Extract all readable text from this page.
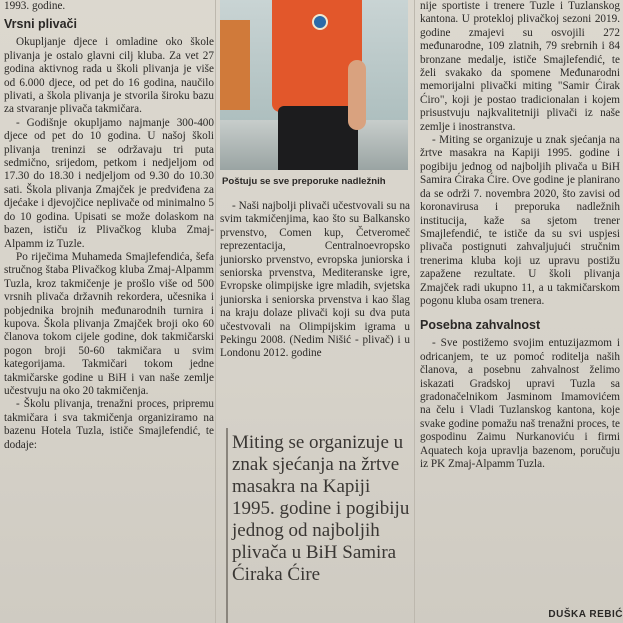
1993. godine.

Vrsni plivači

Okupljanje djece i omladine oko škole plivanja je ostalo glavni cilj kluba. Za vet 27 godina aktivnog rada u školi plivanja je više od 6.000 djece, od pet do 16 godina, naučilo plivati, a škola plivanja je stvorila široku bazu za stvaranje plivača takmičara.

- Godišnje okupljamo najmanje 300-400 djece od pet do 10 godina. U našoj školi plivanja treninzi se održavaju tri puta sedmično, srijedom, petkom i nedjeljom od 17.30 do 18.30 i nedjeljom od 9.30 do 10.30 sati. Škola plivanja Zmajček je predviđena za djećake i djevojčice neplivače od minimalno 5 do 10 godina. Upisati se može dolaskom na bazen, ističu iz Plivačkog kluba Zmaj-Alpamm iz Tuzle.

Po riječima Muhameda Smajlefendića, šefa stručnog štaba Plivačkog kluba Zmaj-Alpamm Tuzla, kroz takmičenje je prošlo više od 500 vrsnih plivača državnih rekordera, učesnika i pobjednika brojnih međunarodnih turnira i kupova. Škola plivanja Zmajček broji oko 60 članova tokom cijele godine, dok takmičarski pogon broji 50-60 takmičara u svim kategorijama. Takmičari tokom jedne takmičarske godine u BiH i van naše zemlje učestvuju na oko 20 takmičenja.

- Školu plivanja, trenažni proces, pripremu takmičara i sva takmičenja organiziramo na bazenu Hotela Tuzla, ističe Smajlefendić, te dodaje:

Poštuju se sve preporuke nadležnih

- Naši najbolji plivači učestvovali su na svim takmičenjima, kao što su Balkansko prvenstvo, Comen kup, Četveromeč reprezentacija, Centralnoevropsko juniorsko prvenstvo, evropska juniorska i seniorska prvenstva, Mediteranske igre, Evropske olimpijske igre mladih, svjetska juniorska i seniorska prvenstva i kao šlag na kraju dolaze plivači koji su dva puta učestvovali na Olimpijskim igrama u Pekingu 2008. (Nedim Nišić - plivač) i u Londonu 2012. godine

Miting se organizuje u znak sjećanja na žrtve masakra na Kapiji 1995. godine i pogibiju jednog od najboljih plivača u BiH Samira Ćiraka Ćire

nije sportiste i trenere Tuzle i Tuzlanskog kantona. U protekloj plivačkoj sezoni 2019. godine zmajevi su osvojili 272 međunarodne, 109 zlatnih, 79 srebrnih i 84 bronzane medalje, ističe Smajlefendić, te želi svakako da spomene Međunarodni memorijalni plivački miting "Samir Ćirak Ćiro", koji je postao tradicionalan i kojem prisustvuju najkvalitetniji plivači iz naše zemlje i inostranstva.

- Miting se organizuje u znak sjećanja na žrtve masakra na Kapiji 1995. godine i pogibiju jednog od najboljih plivača u BiH Samira Ćiraka Ćire. Ove godine je planirano da se održi 7. novembra 2020, što zavisi od koronavirusa i preporuka nadležnih institucija, kaže sa sjetom trener Smajlefendić, te ističe da su svi uspjesi plivača postignuti zahvaljujući stručnim trenerima kluba koji uz upravu postižu zapažene rezultate. U školi plivanja Zmajček radi ukupno 11, a u takmičarskom pogonu kluba osam trenera.

Posebna zahvalnost

- Sve postižemo svojim entuzijazmom i odricanjem, te uz pomoć roditelja naših članova, a posebnu zahvalnost želimo iskazati Gradskoj upravi Tuzla sa gradonačelnikom Jasminom Imamovićem na čelu i Vladi Tuzlanskog kantona, koje svake godine pomažu naš trenažni proces, te gospodinu Zaimu Nurkanoviću i firmi Aquatech koja upravlja bazenom, poručuju iz PK Zmaj-Alpamm Tuzla.

DUŠKA REBIĆ
